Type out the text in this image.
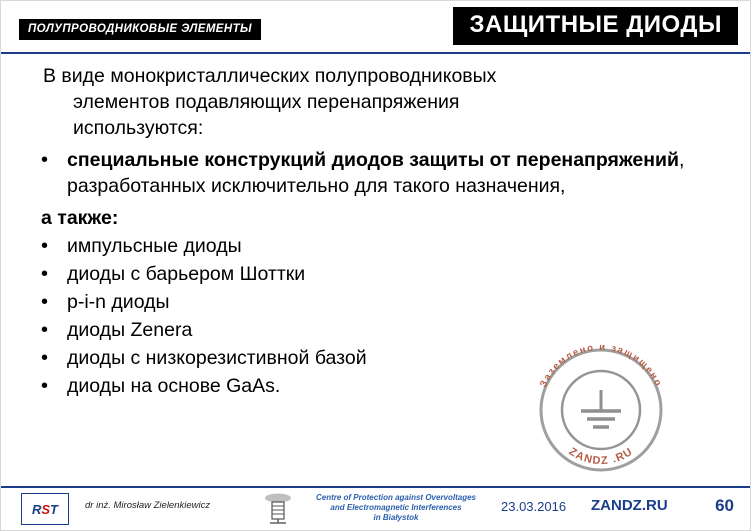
ПОЛУПРОВОДНИКОВЫЕ ЭЛЕМЕНТЫ	ЗАЩИТНЫЕ ДИОДЫ

В виде монокристаллических полупроводниковых
элементов подавляющих перенапряжения
используются:

• специальные конструкций диодов защиты от перенапряжений, разработанных исключительно для такого назначения,
а также:
• импульсные диоды
• диоды с барьером Шоттки
• p-i-n диоды
• диоды Zenera
• диоды с низкорезистивной базой
• диоды на основе GaAs.	Заземлено и защищено
ZANDZ .RU
R S T	dr inż. Mirosław Zielenkiewicz
Centre of Protection against Overvoltages
and Electromagnetic Interferences
in Białystok
23.03.2016 ZANDZ.RU	60
